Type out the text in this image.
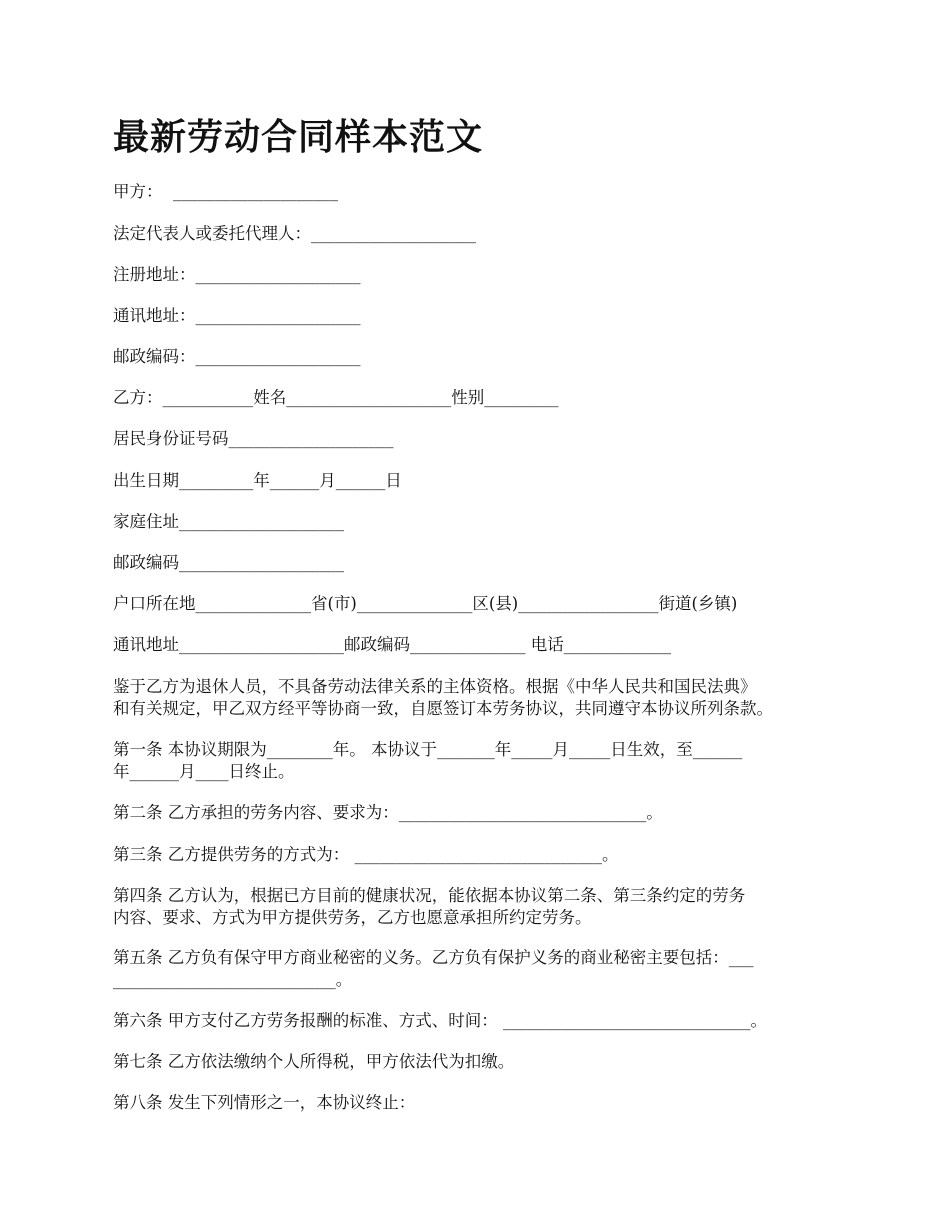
最新劳动合同样本范文
甲方：  ____________________
法定代表人或委托代理人：____________________
注册地址：____________________
通讯地址：____________________
邮政编码：____________________
乙方：___________姓名____________________性别_________
居民身份证号码____________________
出生日期_________年______月______日
家庭住址____________________
邮政编码____________________
户口所在地______________省(市)______________区(县)_________________街道(乡镇)
通讯地址____________________邮政编码______________ 电话_____________
鉴于乙方为退休人员，不具备劳动法律关系的主体资格。根据《中华人民共和国民法典》
和有关规定，甲乙双方经平等协商一致，自愿签订本劳务协议，共同遵守本协议所列条款。
第一条 本协议期限为________年。 本协议于_______年_____月_____日生效，至______
年______月____日终止。
第二条 乙方承担的劳务内容、要求为：______________________________。
第三条 乙方提供劳务的方式为： ______________________________。
第四条 乙方认为，根据已方目前的健康状况，能依据本协议第二条、第三条约定的劳务
内容、要求、方式为甲方提供劳务，乙方也愿意承担所约定劳务。
第五条 乙方负有保守甲方商业秘密的义务。乙方负有保护义务的商业秘密主要包括：___
___________________________。
第六条 甲方支付乙方劳务报酬的标准、方式、时间： ______________________________。
第七条 乙方依法缴纳个人所得税，甲方依法代为扣缴。
第八条 发生下列情形之一，本协议终止：
